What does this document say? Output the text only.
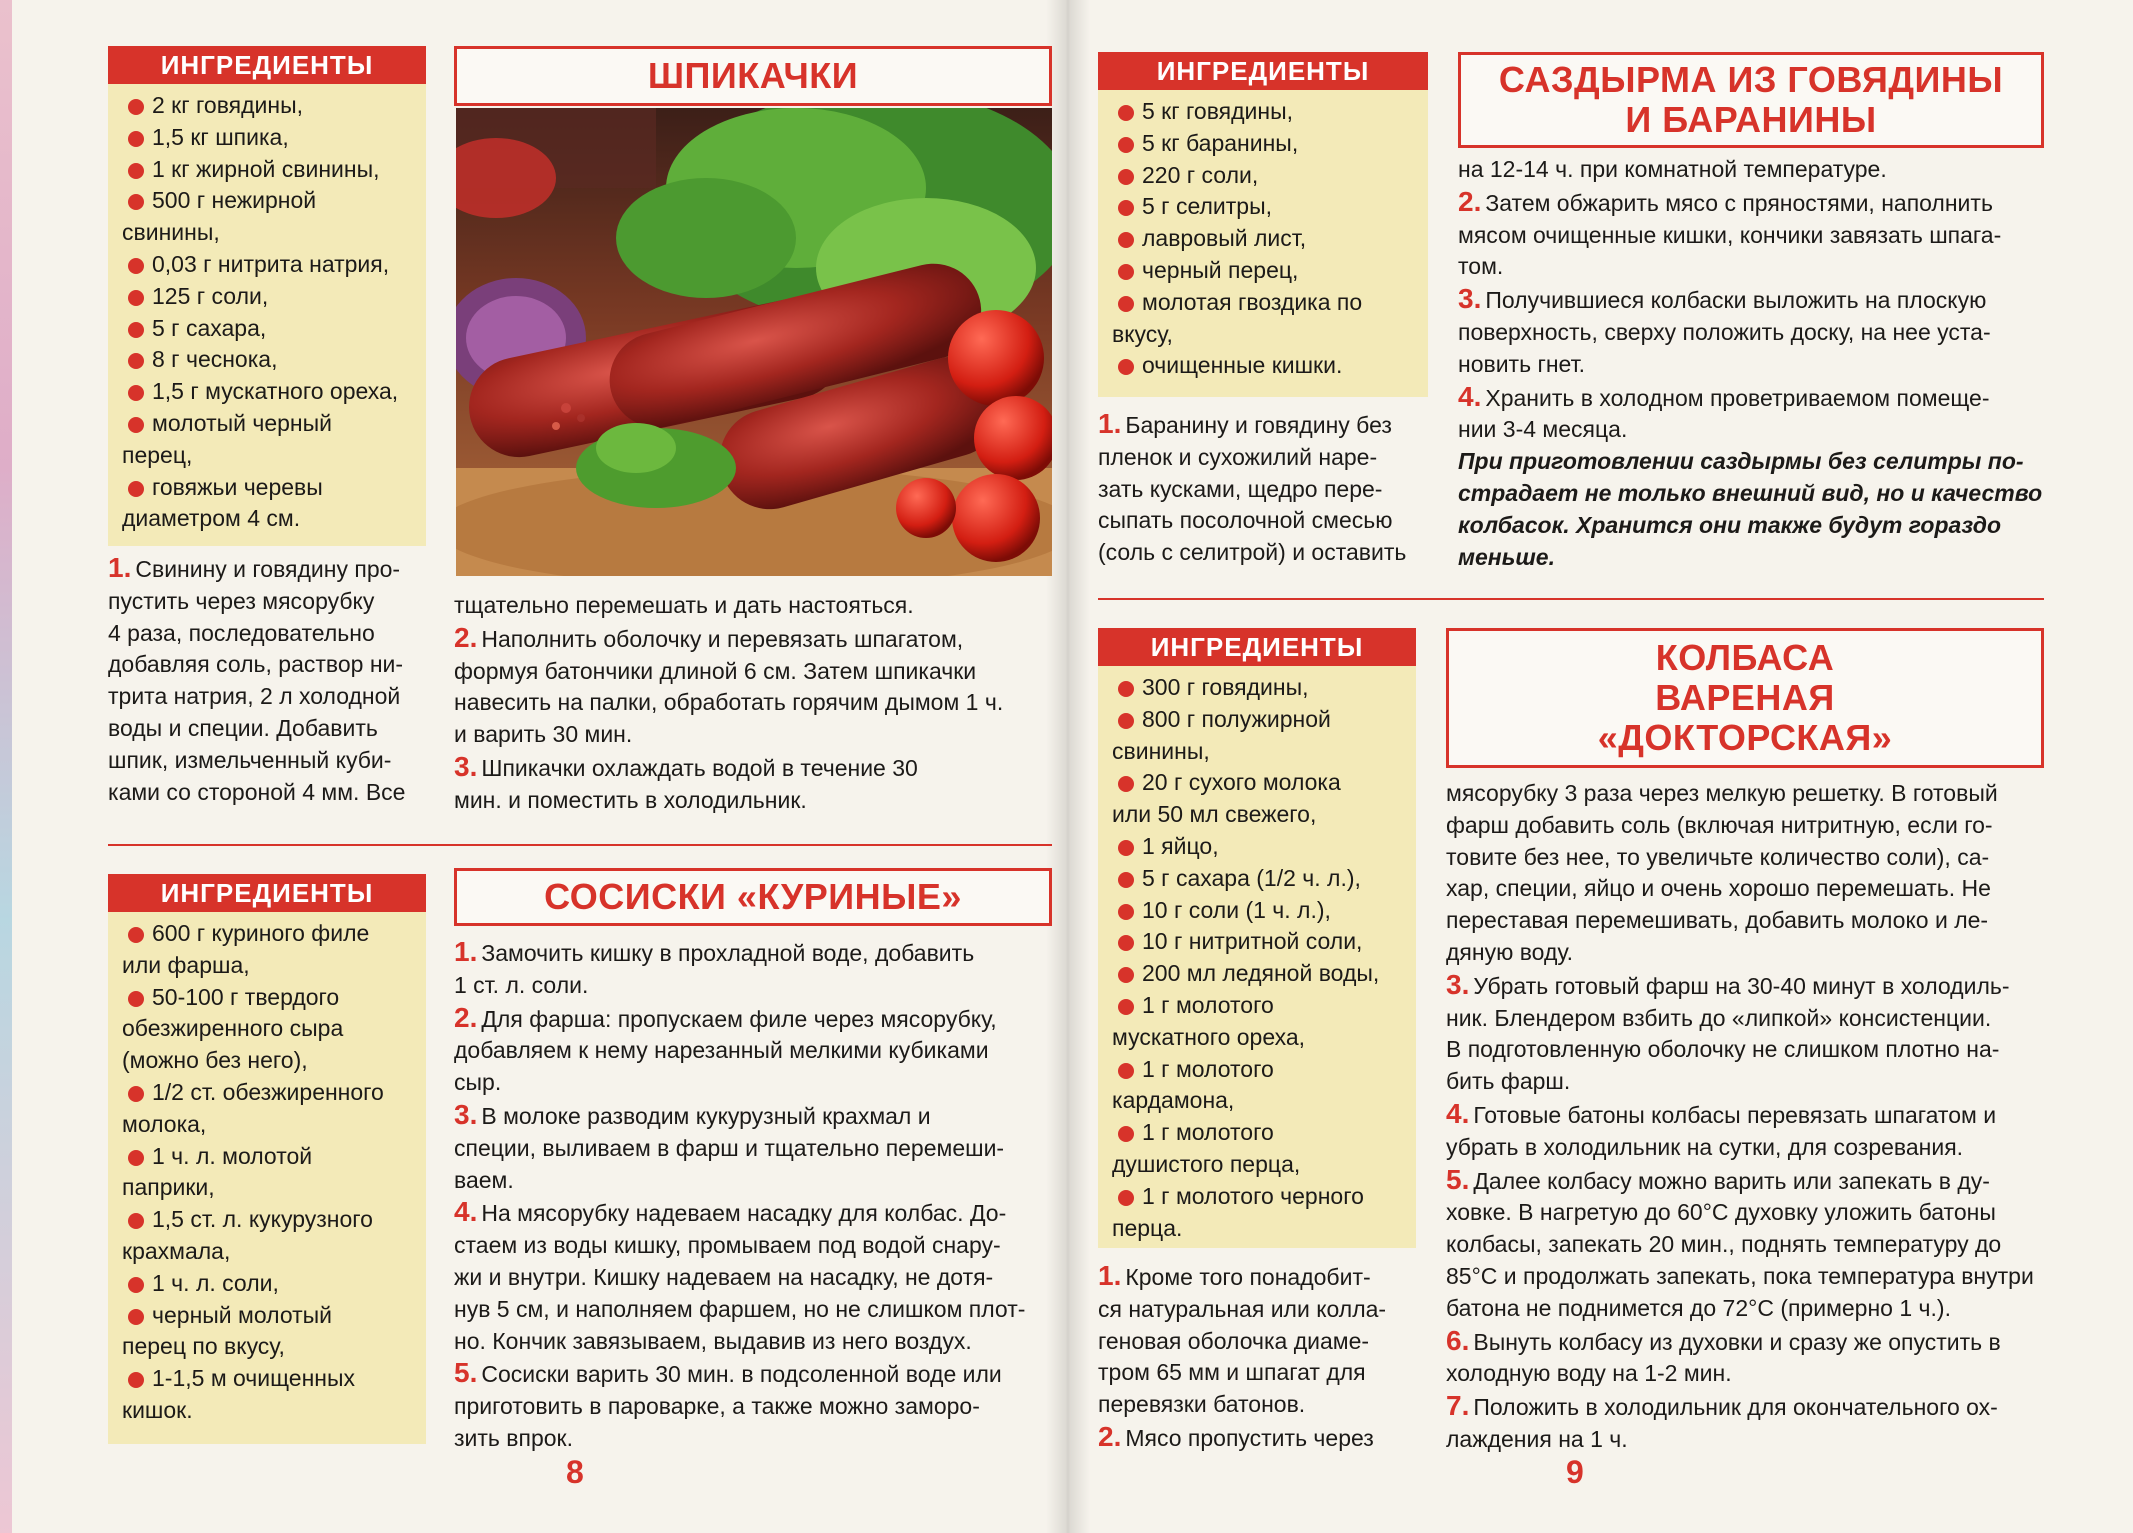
ИНГРЕДИЕНТЫ
2 кг говядины,
1,5 кг шпика,
1 кг жирной свинины,
500 г нежирной
свинины,
0,03 г нитрита натрия,
125 г соли,
5 г сахара,
8 г чеснока,
1,5 г мускатного ореха,
молотый черный
перец,
говяжьи черевы
диаметром 4 см.
ШПИКАЧКИ

1. Свинину и говядину про-

пустить через мясорубку

4 раза, последовательно

добавляя соль, раствор ни-

трита натрия, 2 л холодной

воды и специи. Добавить

шпик, измельченный куби-

ками со стороной 4 мм. Все

тщательно перемешать и дать настояться.

2. Наполнить оболочку и перевязать шпагатом,

формуя батончики длиной 6 см. Затем шпикачки

навесить на палки, обработать горячим дымом 1 ч.

и варить 30 мин.

3. Шпикачки охлаждать водой в течение 30

мин. и поместить в холодильник.

ИНГРЕДИЕНТЫ
600 г куриного филе
или фарша,
50-100 г твердого
обезжиренного сыра
(можно без него),
1/2 ст. обезжиренного
молока,
1 ч. л. молотой
паприки,
1,5 ст. л. кукурузного
крахмала,
1 ч. л. соли,
черный молотый
перец по вкусу,
1-1,5 м очищенных
кишок.
СОСИСКИ «КУРИНЫЕ»

1. Замочить кишку в прохладной воде, добавить

1 ст. л. соли.

2. Для фарша: пропускаем филе через мясорубку,

добавляем к нему нарезанный мелкими кубиками

сыр.

3. В молоке разводим кукурузный крахмал и

специи, выливаем в фарш и тщательно перемеши-

ваем.

4. На мясорубку надеваем насадку для колбас. До-

стаем из воды кишку, промываем под водой снару-

жи и внутри. Кишку надеваем на насадку, не дотя-

нув 5 см, и наполняем фаршем, но не слишком плот-

но. Кончик завязываем, выдавив из него воздух.

5. Сосиски варить 30 мин. в подсоленной воде или

приготовить в пароварке, а также можно заморо-

зить впрок.

8
ИНГРЕДИЕНТЫ
5 кг говядины,
5 кг баранины,
220 г соли,
5 г селитры,
лавровый лист,
черный перец,
молотая гвоздика по
вкусу,
очищенные кишки.
САЗДЫРМА ИЗ ГОВЯДИНЫ
И БАРАНИНЫ

1. Баранину и говядину без

пленок и сухожилий наре-

зать кусками, щедро пере-

сыпать посолочной смесью

(соль с селитрой) и оставить

на 12-14 ч. при комнатной температуре.

2. Затем обжарить мясо с пряностями, наполнить

мясом очищенные кишки, кончики завязать шпага-

том.

3. Получившиеся колбаски выложить на плоскую

поверхность, сверху положить доску, на нее уста-

новить гнет.

4. Хранить в холодном проветриваемом помеще-

нии 3-4 месяца.

При приготовлении саздырмы без селитры по-

страдает не только внешний вид, но и качество

колбасок. Хранится они также будут гораздо

меньше.

ИНГРЕДИЕНТЫ
300 г говядины,
800 г полужирной
свинины,
20 г сухого молока
или 50 мл свежего,
1 яйцо,
5 г сахара (1/2 ч. л.),
10 г соли (1 ч. л.),
10 г нитритной соли,
200 мл ледяной воды,
1 г молотого
мускатного ореха,
1 г молотого
кардамона,
1 г молотого
душистого перца,
1 г молотого черного
перца.
КОЛБАСА
ВАРЕНАЯ
«ДОКТОРСКАЯ»

1. Кроме того понадобит-

ся натуральная или колла-

геновая оболочка диаме-

тром 65 мм и шпагат для

перевязки батонов.

2. Мясо пропустить через

мясорубку 3 раза через мелкую решетку. В готовый

фарш добавить соль (включая нитритную, если го-

товите без нее, то увеличьте количество соли), са-

хар, специи, яйцо и очень хорошо перемешать. Не

переставая перемешивать, добавить молоко и ле-

дяную воду.

3. Убрать готовый фарш на 30-40 минут в холодиль-

ник. Блендером взбить до «липкой» консистенции.

В подготовленную оболочку не слишком плотно на-

бить фарш.

4. Готовые батоны колбасы перевязать шпагатом и

убрать в холодильник на сутки, для созревания.

5. Далее колбасу можно варить или запекать в ду-

ховке. В нагретую до 60°С духовку уложить батоны

колбасы, запекать 20 мин., поднять температуру до

85°С и продолжать запекать, пока температура внутри

батона не поднимется до 72°С (примерно 1 ч.).

6. Вынуть колбасу из духовки и сразу же опустить в

холодную воду на 1-2 мин.

7. Положить в холодильник для окончательного ох-

лаждения на 1 ч.

9
